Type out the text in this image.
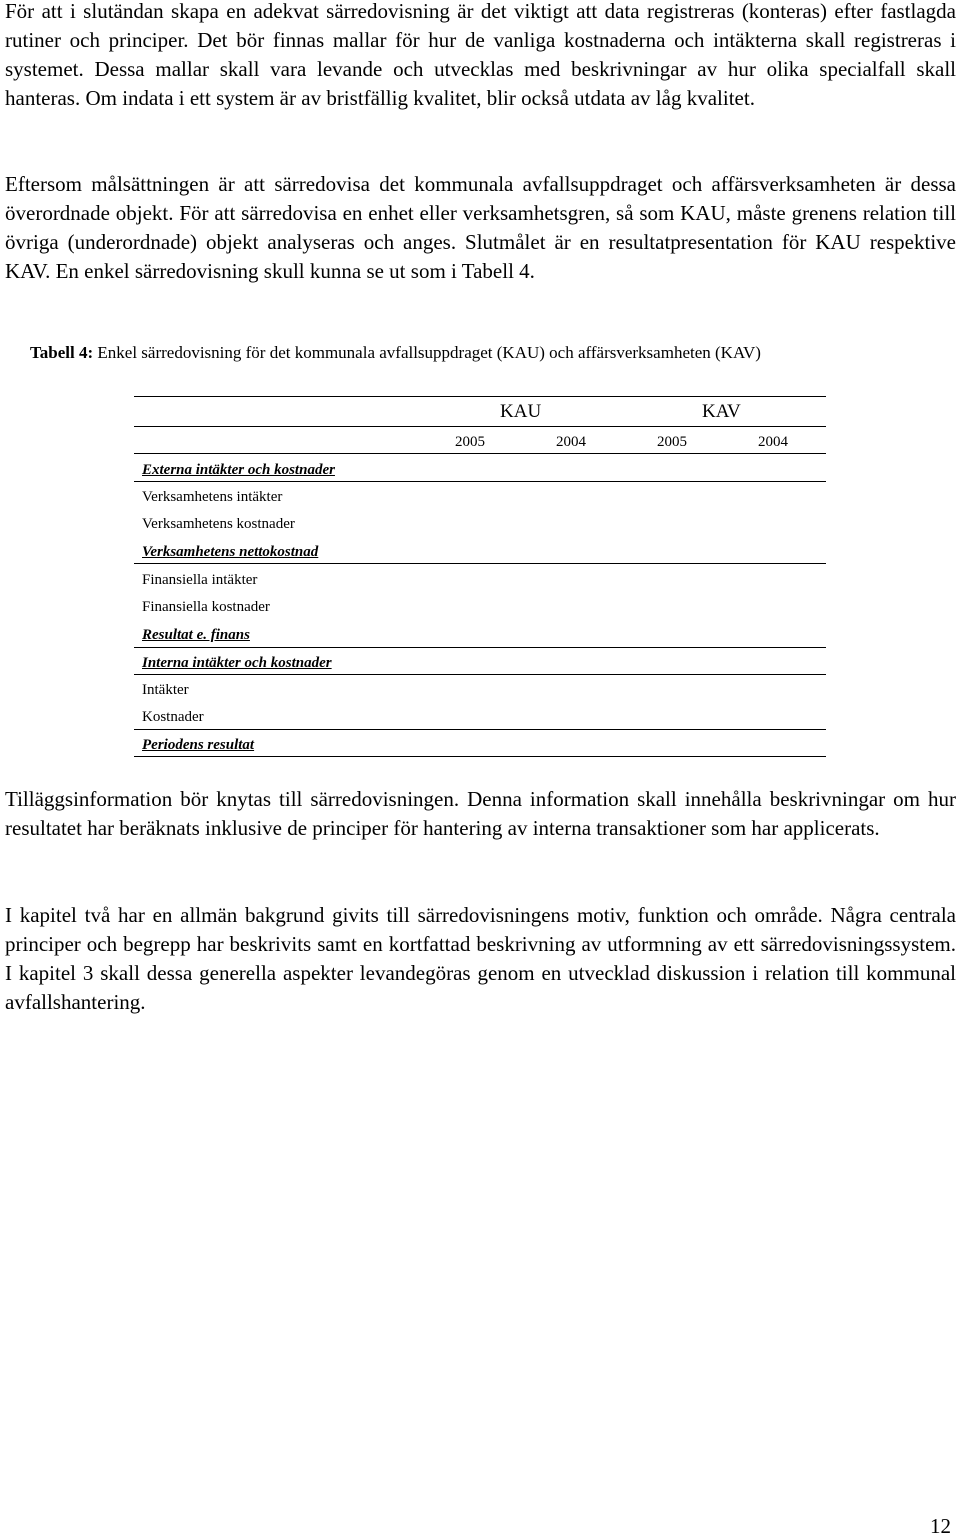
För att i slutändan skapa en adekvat särredovisning är det viktigt att data registreras (konteras) efter fastlagda rutiner och principer. Det bör finnas mallar för hur de vanliga kostnaderna och intäkterna skall registreras i systemet. Dessa mallar skall vara levande och utvecklas med beskrivningar av hur olika specialfall skall hanteras. Om indata i ett system är av bristfällig kvalitet, blir också utdata av låg kvalitet.

Eftersom målsättningen är att särredovisa det kommunala avfallsuppdraget och affärsverksamheten är dessa överordnade objekt. För att särredovisa en enhet eller verksamhetsgren, så som KAU, måste grenens relation till övriga (underordnade) objekt analyseras och anges. Slutmålet är en resultatpresentation för KAU respektive KAV. En enkel särredovisning skull kunna se ut som i Tabell 4.

Tabell 4: Enkel särredovisning för det kommunala avfallsuppdraget (KAU) och affärsverksamheten (KAV)

KAU	KAV
2005	2004	2005	2004
Externa intäkter och kostnader
Verksamhetens intäkter
Verksamhetens kostnader
Verksamhetens nettokostnad
Finansiella intäkter
Finansiella kostnader
Resultat e. finans
Interna intäkter och kostnader
Intäkter
Kostnader
Periodens resultat

Tilläggsinformation bör knytas till särredovisningen. Denna information skall innehålla beskrivningar om hur resultatet har beräknats inklusive de principer för hantering av interna transaktioner som har applicerats.

I kapitel två har en allmän bakgrund givits till särredovisningens motiv, funktion och område. Några centrala principer och begrepp har beskrivits samt en kortfattad beskrivning av utformning av ett särredovisningssystem. I kapitel 3 skall dessa generella aspekter levandegöras genom en utvecklad diskussion i relation till kommunal avfallshantering.

12
